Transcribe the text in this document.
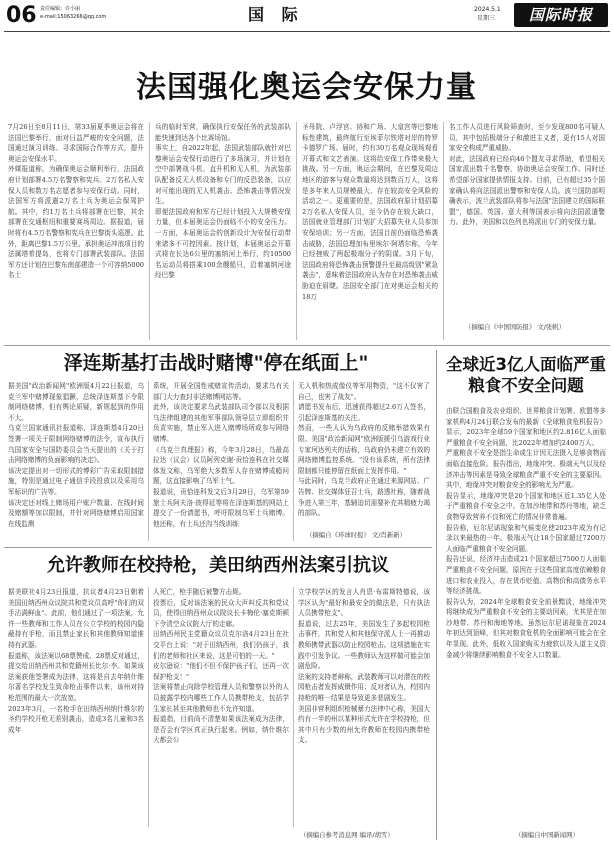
06 责任编辑：许小丽
e-mail:15063266@qq.com	国 际	2024.5.1
星期三	国际时报
法国强化奥运会安保力量
7月26日至8月11日，第33届夏季奥运会将在法国巴黎举行，面对日益严峻的安全问题，法国通过演习训练、寻求国际合作等方式，提升奥运会安保水平。
外媒报道称，为确保奥运会顺利举行，法国政府计划部署4.5万名警察和宪兵、2万名私人安保人员和数万名志愿者参与安保行动。同时，法国军方将派遣2万名士兵为奥运会保驾护航。其中，约1万名士兵将部署在巴黎，其余部署在交通枢纽和重要赛场周边。据报道，届时将有4.5万名警察和宪兵在巴黎街头巡逻。此外，距离巴黎1.5万公里、承担奥运冲浪项目的法属塔希提岛，也将专门部署武装部队。法国军方还计划在巴黎东南部建造一个可容纳5000名士
兵的临时军营，确保执行安保任务的武装部队能快速到达各个比赛场馆。
事实上，自2022年起，法国武装部队就针对巴黎奥运会安保行动进行了多场演习，并计划在空中部署战斗机、直升机和无人机，为武装部队配备反无人机设备和专门的反恐装备，以应对可能出现的无人机袭击、恐怖袭击等情况发生。
即便法国政府和军方已经计划投入大规模安保力量，但本届奥运会仍面临不小的安全压力。一方面，本届奥运会的创新设计为安保行动带来诸多不可控因素。按计划，本届奥运会开幕式将在长达6公里的塞纳河上举行，约10500名运动员将搭乘100余艘船只，沿着塞纳河途经巴黎
圣母院、卢浮宫、协和广场、大皇宫等巴黎地标性建筑，最终航行至埃菲尔铁塔对岸的特罗卡德罗广场。届时，约有30万名观众现场观看开幕式和文艺表演。这将给安保工作带来极大挑战。另一方面，奥运会期间，在巴黎及周边地区的游客与观众数量将达到数百万人，这将是多年来人员规模最大、存在较高安全风险的活动之一。更重要的是，法国政府原计划招募2万名私人安保人员，至今仍存在较大缺口，法国就业管理部门计划扩大招募失业人员参加安保培训；另一方面，法国目前仍面临恐怖袭击威胁，法国总理加布里埃尔·阿塔尔称，今年已经挫败了两起极端分子的阴谋。3月下旬，法国政府将恐怖袭击预警提升至最高级别"紧急袭击"，意味着法国政府认为存在对恐怖袭击威胁迫在眉睫。法国安全部门在对奥运会相关的18万
名工作人员进行风险筛查时，至少发现800名可疑人员，其中包括极端分子和激进主义者，更有15人对国家安全构成严重威胁。
对此，法国政府已经向46个盟友寻求帮助，希望相关国家派出数千名警察，协助奥运会安保工作。同时还希望部分国家提供情报支持。目前，已有超过35个国家确认将向法国派出警察和安保人员。波兰国防部明确表示，波兰武装部队将参与法国"法国建立的国际联盟"，德国、英国、意大利等国表示将向法国派遣警力。此外，美国和以色列也将派出专门的安保力量。
（摘编自《中国国防报》 文/张帆）
泽连斯基打击战时赌博"停在纸面上"
据美国"政治新闻网"欧洲版4月22日报道，乌克兰军中赌博现象猖獗，总统泽连斯基下令限制网络赌博，但有舆论质疑，新规起到的作用不大。
乌克兰国家通讯社报道称，泽连斯基4月20日签署一项关于限制网络赌博的法令，宣布执行乌国家安全与国防委员会当天提出的《关于打击网络赌博的负面影响的决定》。
该决定提出对一切形式的博彩广告采取限制措施，特别是通过电子通信手段投放以及采用乌军标识的广告等。
该决定还对线上赌场用户账户数量、在线时间及赌额等加以限制，并针对网络赌博启用国家在线监测
系统，开展全国性戒赌宣传活动，要求乌有关部门大力查封非法赌博网站等。
此外，该决定要求乌武装部队司令部以及根据乌法律组建的其他军事部队领导层立即组织并负责实施，禁止军人进入赌博场所或参与网络赌博。
《乌克兰真理报》称，今年3月28日，乌最高拉达（议会）议员阿列克谢·贡恰连科在社交媒体发文称，乌军绝大多数军人存在赌博成瘾问题，这直接影响了乌军士气。
报道说，贡恰连科发文后3月29日，乌军第59旅士兵阿夫洛·彼得延等将在泽连斯基的网站上提交了一份请愿书，呼吁限制乌军士兵赌博。他还称，有士兵还沟当线训练
无人机和热成像仪等军用物资，"这不仅害了自己，也害了战友"。
请愿书发布后，迅速获得超过2.6万人签名，引起泽连斯基的关注。
然而，一些人认为乌政府的反赌举措效果有限。美国"政治新闻网"欧洲版援引乌游戏行业专家珂达列夫的话称，乌政府仍未建立有效的网络赌博监控系统。"没有该系统，所有法律限制都只能停留在纸面上发挥作用。"
与此同时，乌克兰政府正在通过来源网站、广告牌、社交媒体狂召士兵，路透社称，随着战争进入第三年，基辅迫切需要补充其精疲力竭的部队。
（摘编自《环球时报》 文/肖新新）
全球近3亿人面临严重粮食不安全问题
由联合国粮食及农业组织、世界粮食计划署、欧盟等多家机构4月24日联合发布的最新《全球粮食危机报告》显示，2023年全球59个国家和地区约2.816亿人面临严重粮食不安全问题，比2022年增加约2400万人。
严重粮食不安全是指生命或生计因无法摄入足够食物而面临直接危险。报告指出，地缘冲突、极端天气以及经济冲击等因素是导致全球粮食严重不安全的主要原因。其中，地缘冲突对粮食安全的影响尤为严重。
报告显示，地缘冲突是20个国家和地区近1.35亿人处于严重粮食不安全之中。在加沙地带和苏丹等地，缺乏食物导致营养不良和死亡的情况非常普遍。
报告称，厄尔尼诺现象和气候变化使2023年成为有记录以来最热的一年。极端天气让18个国家超过7200万人面临严重粮食不安全问题。
报告还说，经济冲击造成21个国家超过7500万人面临严重粮食不安全问题，原因在于这些国家高度依赖粮食进口和农业投入，存在货币贬值、高物价和高债务水平等经济挑战。
报告认为，2024年全球粮食安全前景黯淡，地缘冲突将继续成为严重粮食不安全的主要动因素，尤其是在加沙地带、苏丹和海地等地。虽然厄尔尼诺现象在2024年初达到顶峰，但其对粮食危机的全面影响可能会在全年显现。此外，低收入国家购买力疲软以及人道主义资金减少将继续影响粮食不安全人口数量。
（摘编自中国新闻网）
允许教师在校持枪，美田纳西州法案引抗议
据美联社4月23日报道，抗议者4月23日朝着美国田纳西州众议院共和党议员高呼"你们的双手沾满鲜血"。此前，他们通过了一项法案，允许一些教师和工作人员在公立学校的校园内隐蔽持有手枪，而且禁止家长和其他教师知道谁持有武器。
报道称，该法案以68票赞成、28票反对通过，提交给田纳西州共和党籍州长比尔·李。如果该法案获他签署成为法律，这将是自去年纳什维尔著名学校发生致命枪击事件以来，该州对持枪范围的最大一次放宽。
2023年3月，一名枪手在田纳西州纳什维尔的圣约学校开枪无差别袭击，造成3名儿童和3名成年
人死亡，枪手随后被警方击毙。
投票后，反对该法案的民众大声叫反共和党议员，使得田纳西州众议院议长卡梅伦·塞克斯顿下令清空众议院大厅的走廊。
田纳西州民主党籍众议员克尔洛4月23日在社交平台上说："对于田纳西州，我们仍孩子，我们的老师和社区来说，这是可怕的一天。"
皮尔逊说："他们不但不保护孩子们，还再一次保护枪支！"
法案将禁止向除学校管理人员和警察以外的人员披露学校内哪些工作人员携带枪支，包括学生家长甚至其他教师也不允许知道。
报道指，目前尚不清楚如果该法案成为法律，是否会有学区真正执行起来。例如，纳什维尔大都会公
立学校学区的发言人肖恩·布雷斯特德说，该学区认为"最好和最安全的做法是，只有执法人员携带枪支"。
报道说，过去25年，美国发生了多起校园枪击事件，共和党人和其他保守派人士一再推动教师携带武器以防止校园枪击。这项措施在实践中引发争议。一些教师认为这样做可能会加剧危险。
法案的支持者辩称，武装教师可以对潜在的校园枪击者发挥威慑作用；反对者认为，校园内持枪的唯一结果是导致更多悲剧发生。
美国非营利组织枪械暴力法律中心称，美国大约有一半的州以某种形式允许在学校持枪，但其中只有少数的州允许教师在校园内携带枪支。
（摘编自参考消息网 编译/胡雪）
